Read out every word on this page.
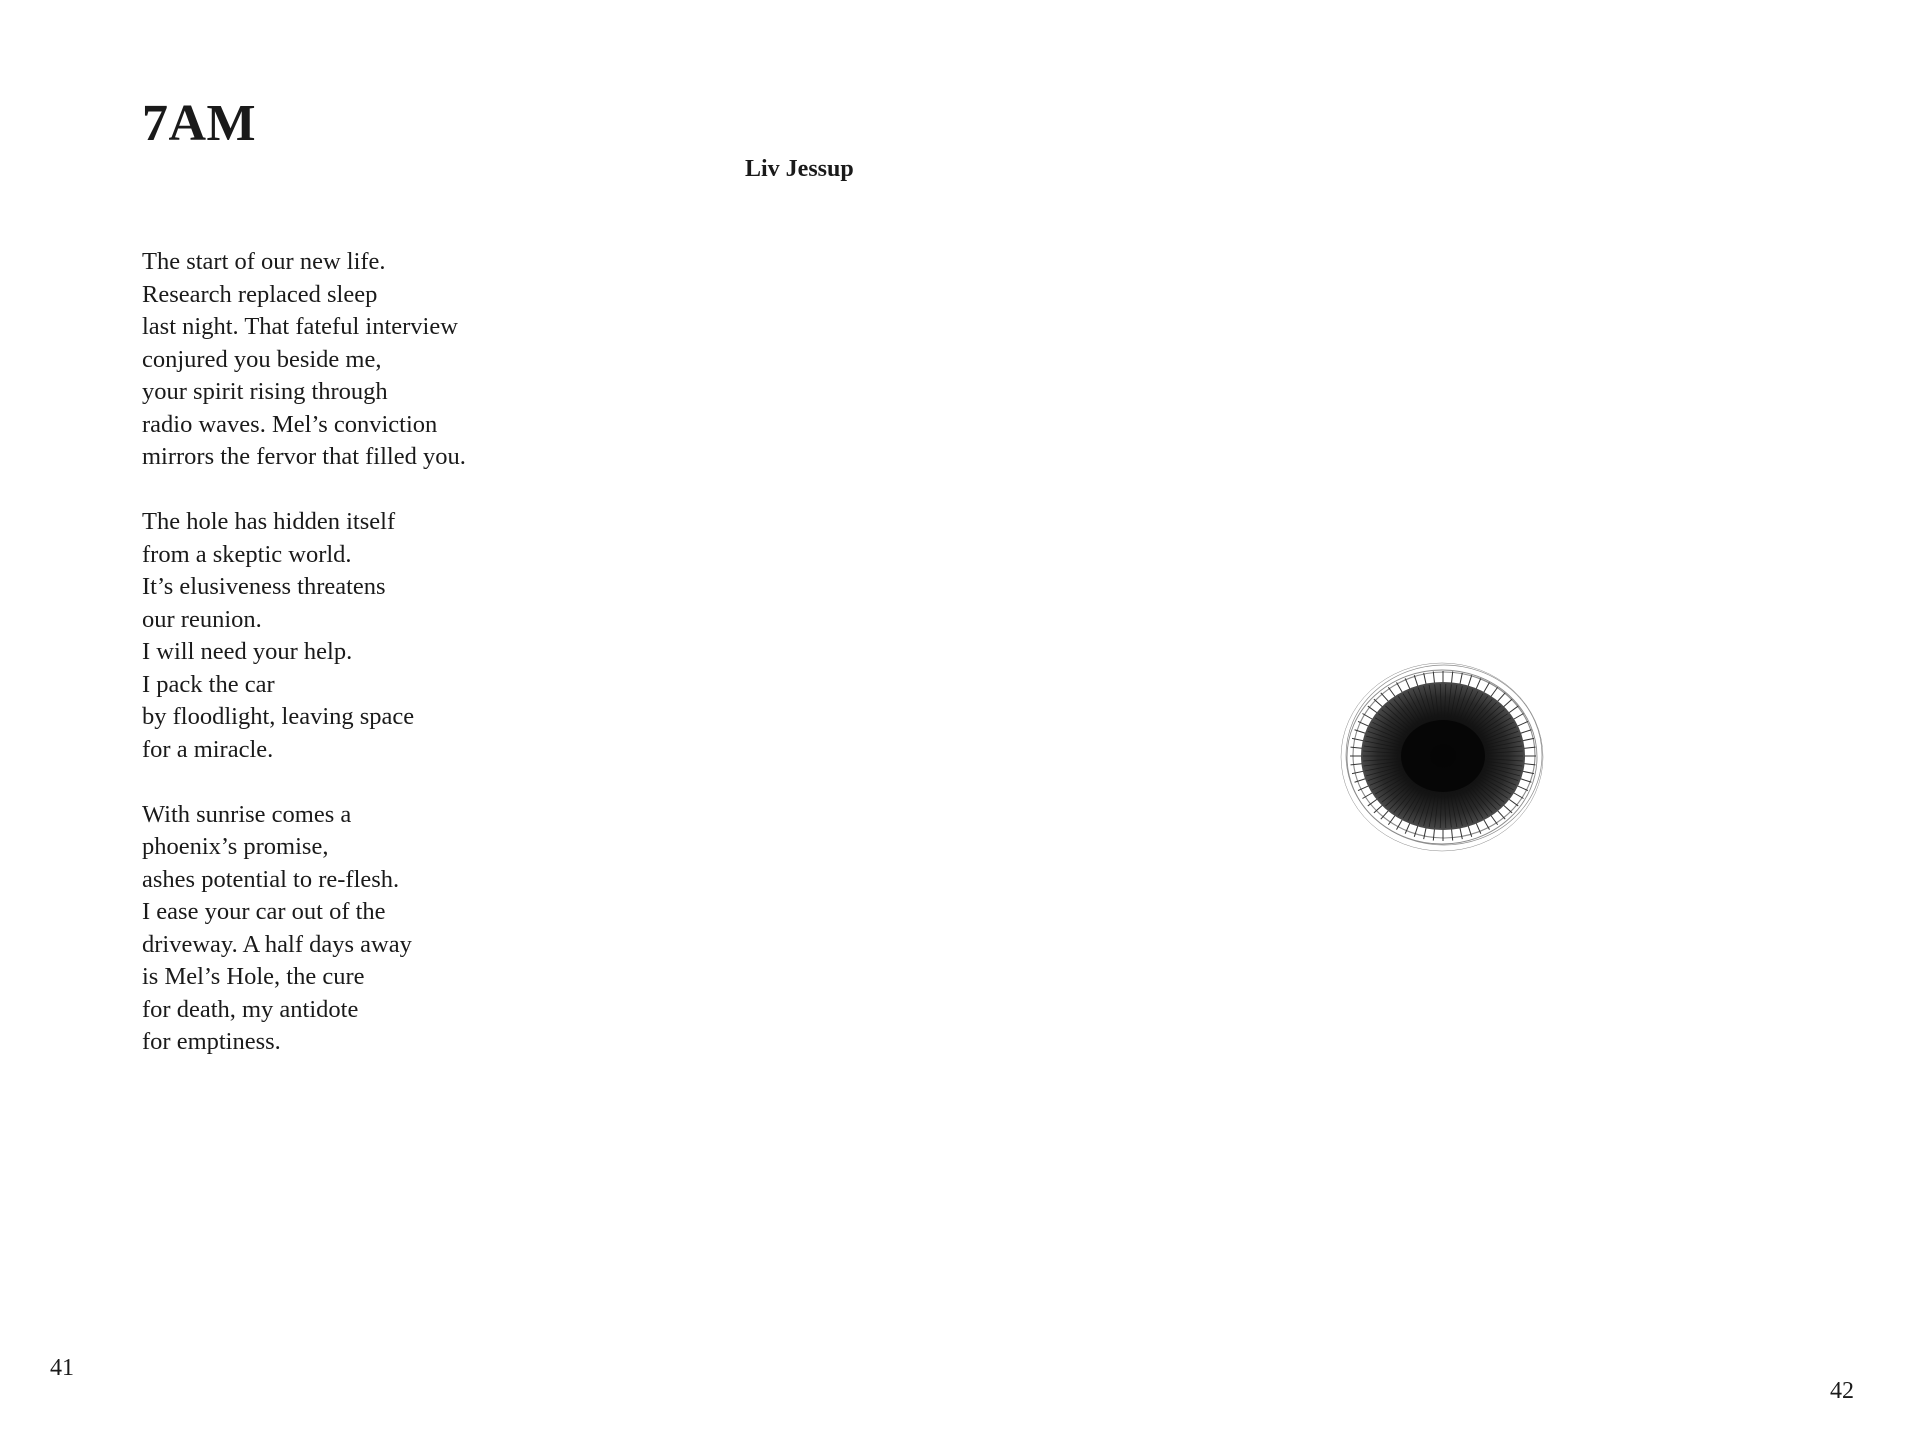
7AM
Liv Jessup
The start of our new life.
Research replaced sleep
last night. That fateful interview
conjured you beside me,
your spirit rising through
radio waves. Mel’s conviction
mirrors the fervor that filled you.
The hole has hidden itself
from a skeptic world.
It’s elusiveness threatens
our reunion.
I will need your help.
I pack the car
by floodlight, leaving space
for a miracle.
With sunrise comes a
phoenix’s promise,
ashes potential to re-flesh.
I ease your car out of the
driveway. A half days away
is Mel’s Hole, the cure
for death, my antidote
for emptiness.
41
42
